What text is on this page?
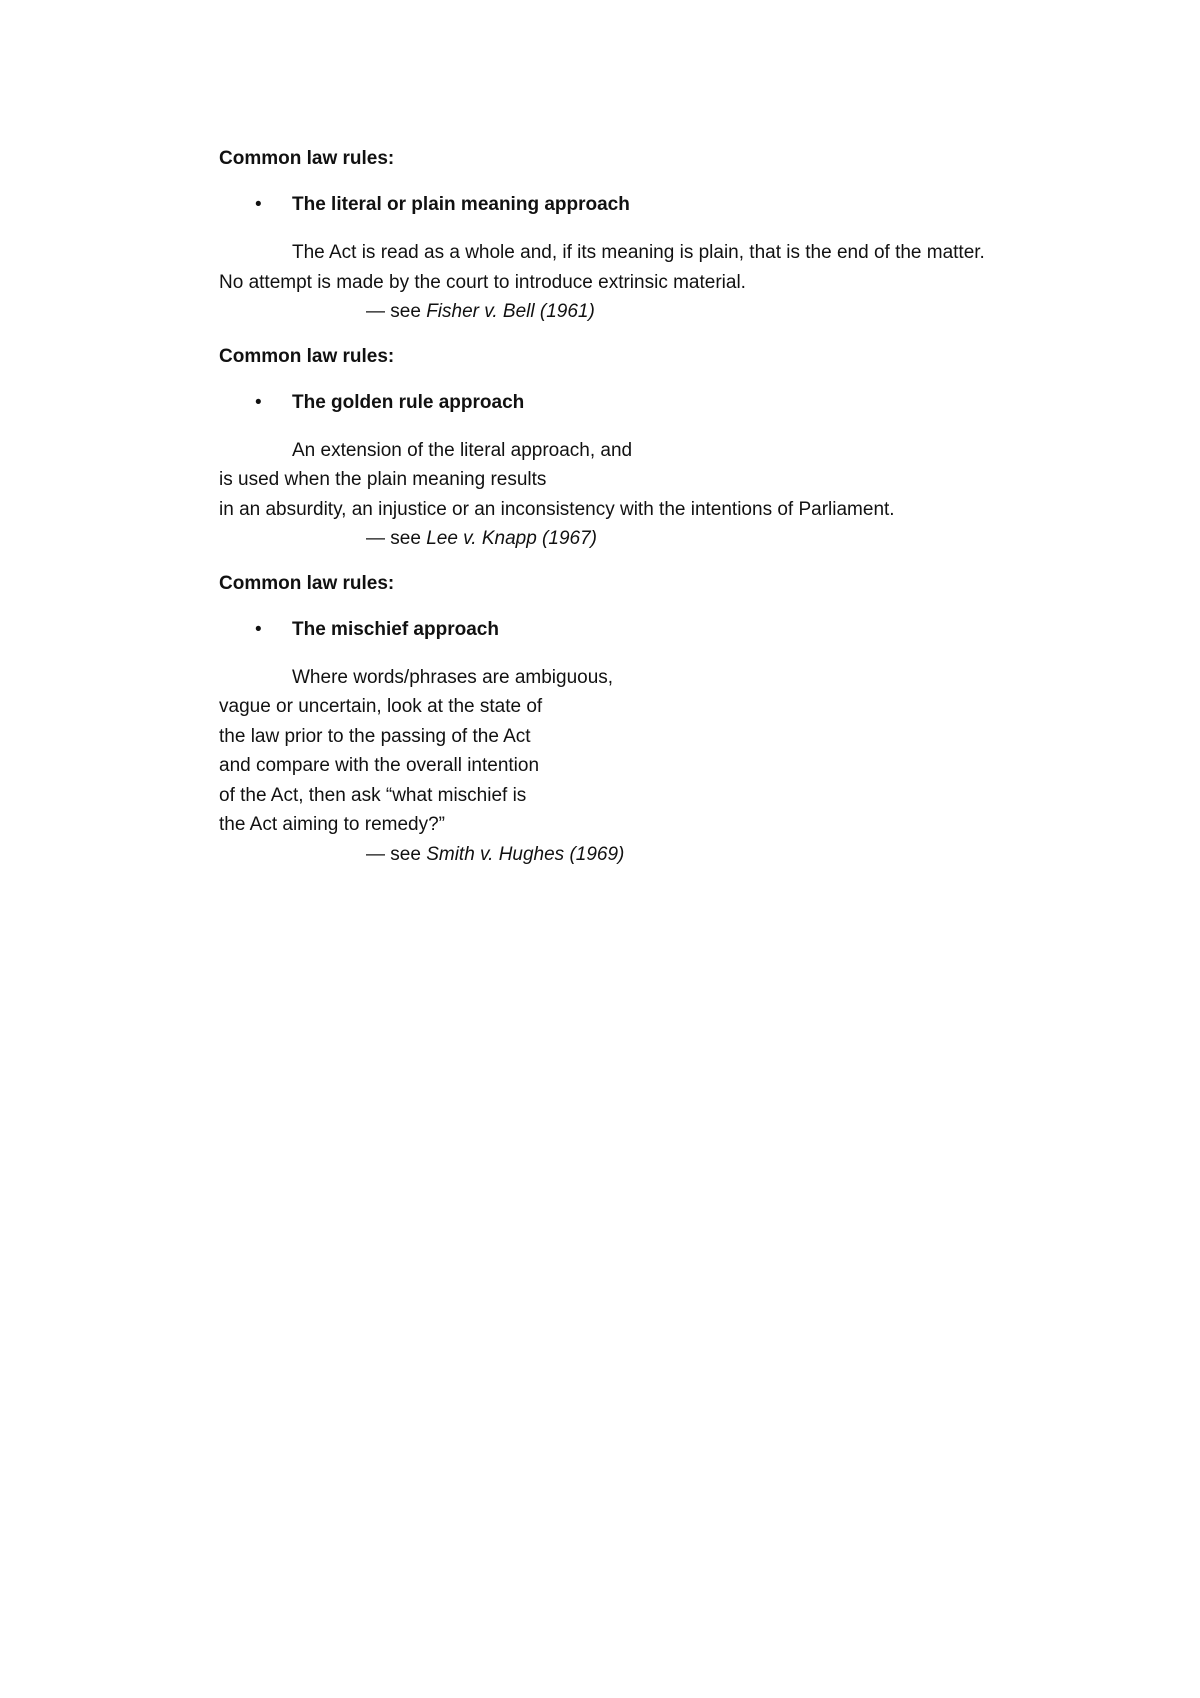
Common law rules:
• The literal or plain meaning approach
The Act is read as a whole and, if its meaning is plain, that is the end of the matter.
No attempt is made by the court to introduce extrinsic material.
— see Fisher v. Bell (1961)
Common law rules:
• The golden rule approach
An extension of the literal approach, and
is used when the plain meaning results
in an absurdity, an injustice or an inconsistency with the intentions of Parliament.
— see Lee v. Knapp (1967)
Common law rules:
• The mischief approach
Where words/phrases are ambiguous,
vague or uncertain, look at the state of
the law prior to the passing of the Act
and compare with the overall intention
of the Act, then ask “what mischief is
the Act aiming to remedy?”
— see Smith v. Hughes (1969)
